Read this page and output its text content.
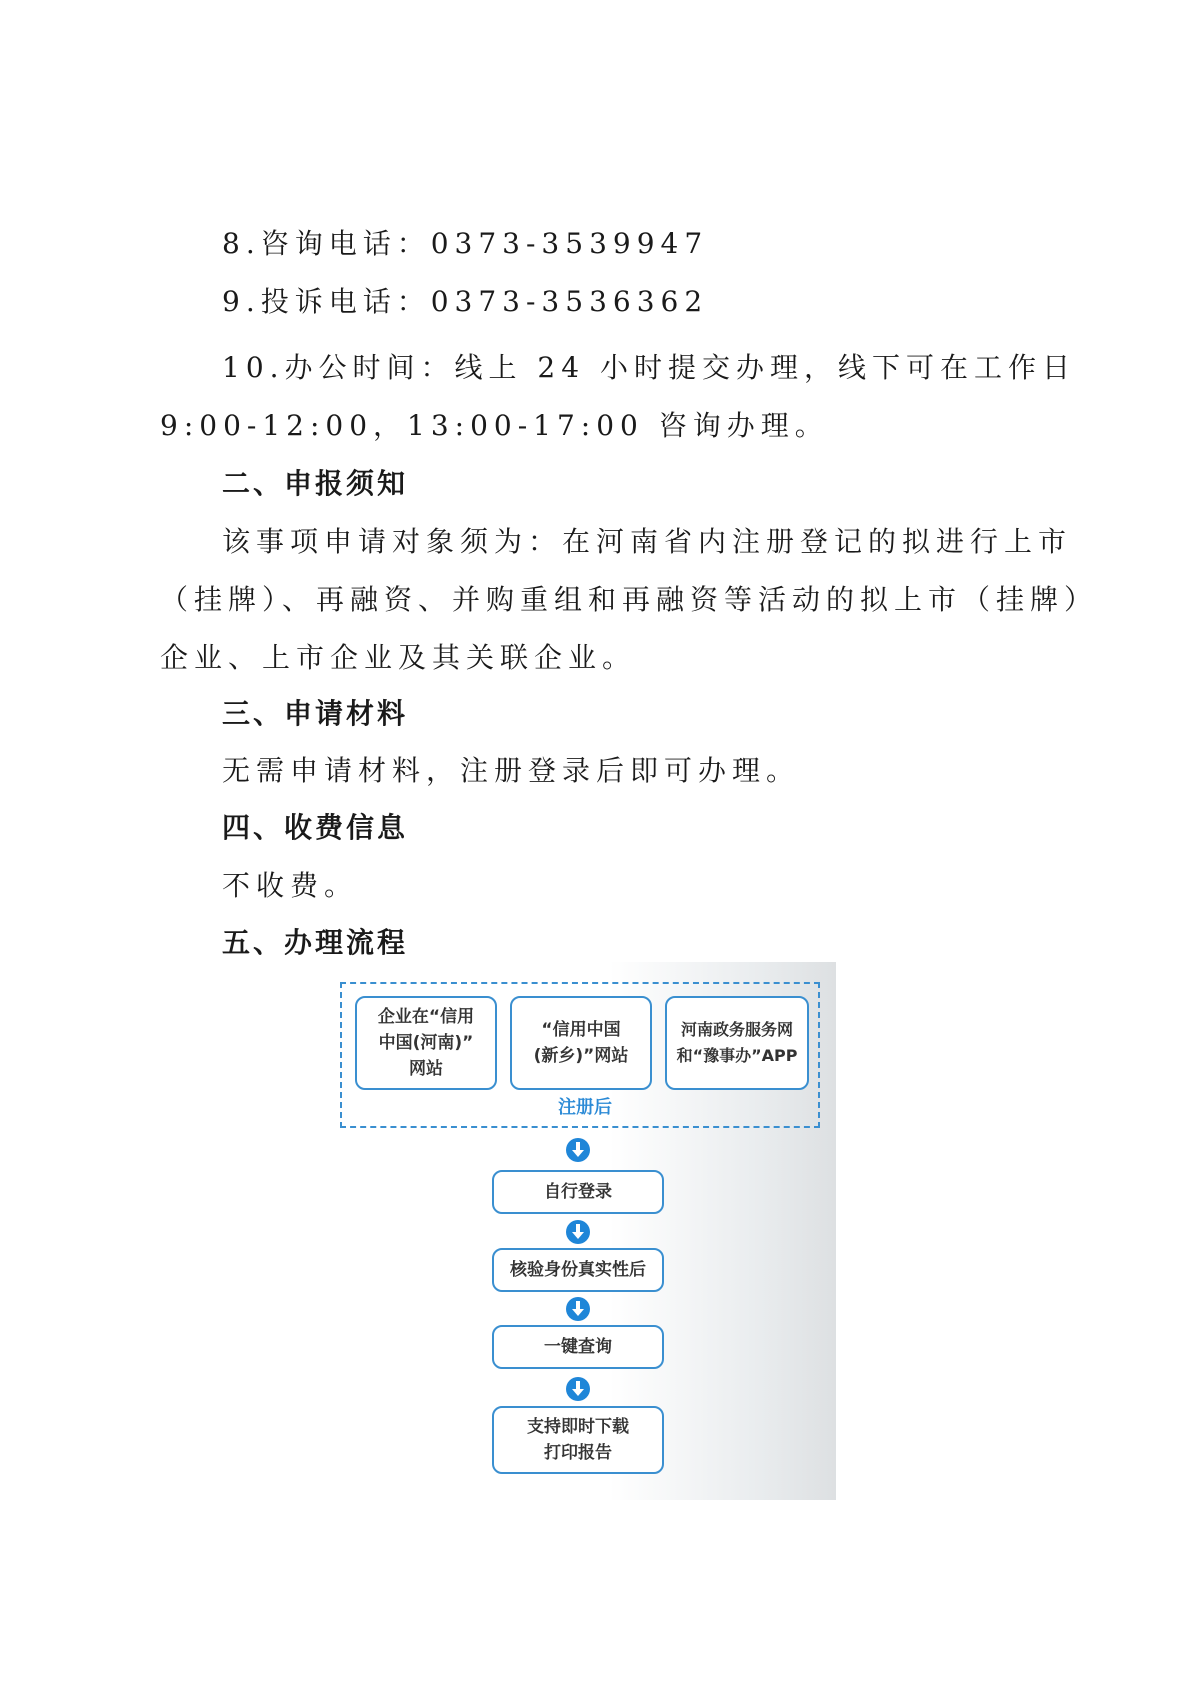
8.咨询电话：0373-3539947
9.投诉电话：0373-3536362
10.办公时间：线上 24 小时提交办理，线下可在工作日
9:00-12:00，13:00-17:00 咨询办理。
二、申报须知
该事项申请对象须为：在河南省内注册登记的拟进行上市
（挂牌）、再融资、并购重组和再融资等活动的拟上市（挂牌）
企业、上市企业及其关联企业。
三、申请材料
无需申请材料，注册登录后即可办理。
四、收费信息
不收费。
五、办理流程
企业在“信用
中国(河南)”
网站
“信用中国
(新乡)”网站
河南政务服务网
和“豫事办”APP
注册后
自行登录
核验身份真实性后
一键查询
支持即时下载
打印报告
